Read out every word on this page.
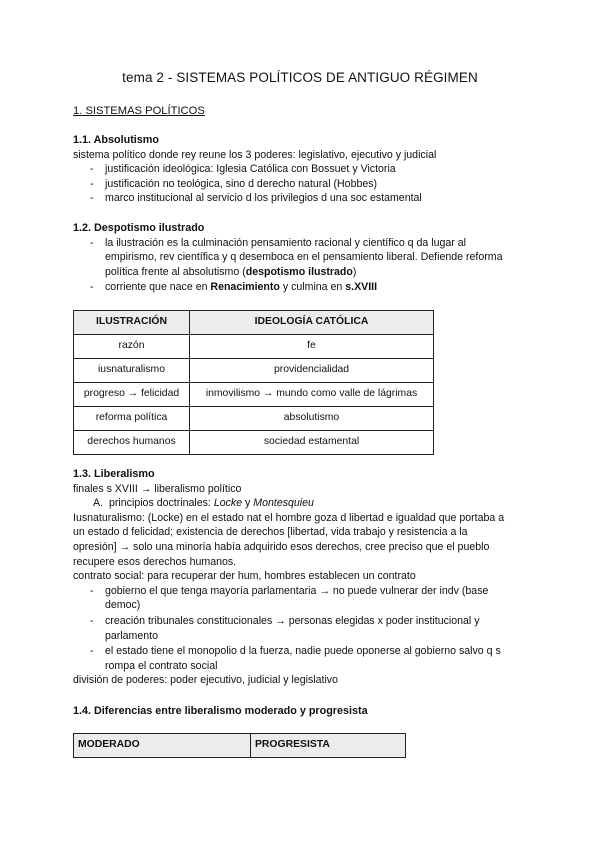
tema 2 - SISTEMAS POLÍTICOS DE ANTIGUO RÉGIMEN
1. SISTEMAS POLÍTICOS
1.1. Absolutismo

sistema político donde rey reune los 3 poderes: legislativo, ejecutivo y judicial

- justificación ideológica: Iglesia Católica con Bossuet y Victoria

- justificación no teológica, sino d derecho natural (Hobbes)

- marco institucional al servicio d los privilegios d una soc estamental

1.2. Despotismo ilustrado

- la ilustración es la culminación pensamiento racional y científico q da lugar al
empirismo, rev científica y q desemboca en el pensamiento liberal. Defiende reforma
política frente al absolutismo (despotismo ilustrado)

- corriente que nace en Renacimiento y culmina en s.XVIII

ILUSTRACIÓN	IDEOLOGÍA CATÓLICA
razón	fe
iusnaturalismo	providencialidad
progreso → felicidad	inmovilismo → mundo como valle de lágrimas
reforma política	absolutismo
derechos humanos	sociedad estamental
1.3. Liberalismo

finales s XVIII → liberalismo político

A. principios doctrinales: Locke y Montesquieu

Iusnaturalismo: (Locke) en el estado nat el hombre goza d libertad e igualdad que portaba a
un estado d felicidad; existencia de derechos [libertad, vida trabajo y resistencia a la
opresión] → solo una minoría había adquirido esos derechos, cree preciso que el pueblo
recupere esos derechos humanos.

contrato social: para recuperar der hum, hombres establecen un contrato

- gobierno el que tenga mayoría parlamentaria → no puede vulnerar der indv (base
democ)

- creación tribunales constitucionales → personas elegidas x poder institucional y
parlamento

- el estado tiene el monopolio d la fuerza, nadie puede oponerse al gobierno salvo q s
rompa el contrato social

división de poderes: poder ejecutivo, judicial y legislativo

1.4. Diferencias entre liberalismo moderado y progresista
MODERADO	PROGRESISTA
